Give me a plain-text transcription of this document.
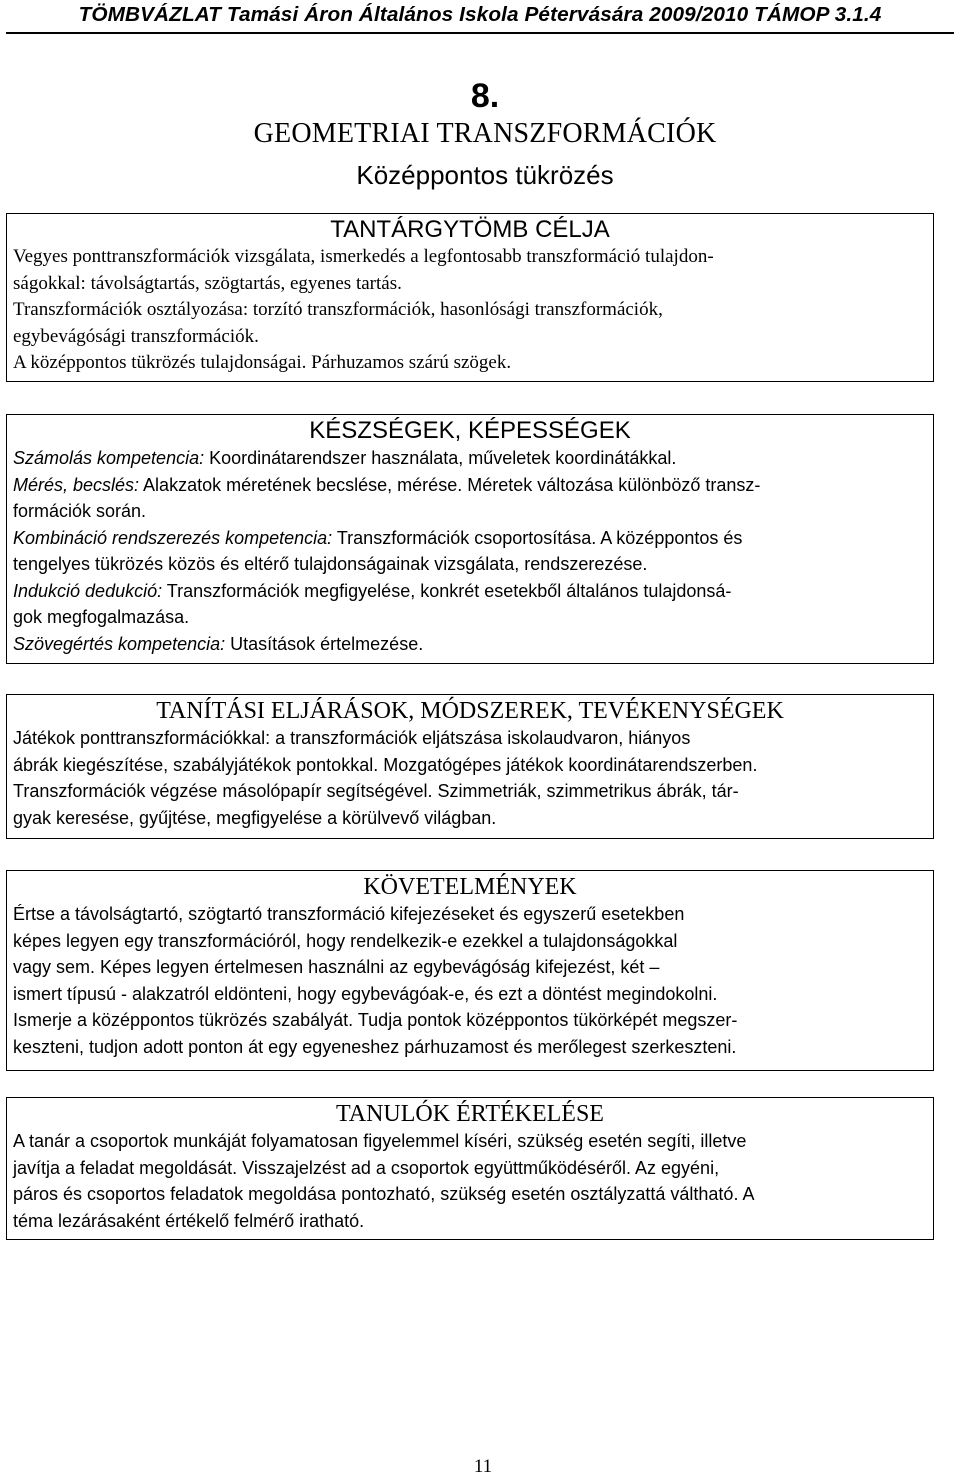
TÖMBVÁZLAT Tamási Áron Általános Iskola Pétervására 2009/2010 TÁMOP 3.1.4
8.
GEOMETRIAI TRANSZFORMÁCIÓK
Középpontos tükrözés
TANTÁRGYTÖMB CÉLJA
Vegyes ponttranszformációk vizsgálata, ismerkedés a legfontosabb transzformáció tulajdon-
ságokkal: távolságtartás, szögtartás, egyenes tartás.
Transzformációk osztályozása: torzító transzformációk, hasonlósági transzformációk,
egybevágósági transzformációk.
A középpontos tükrözés tulajdonságai. Párhuzamos szárú szögek.
KÉSZSÉGEK, KÉPESSÉGEK
Számolás kompetencia: Koordinátarendszer használata, műveletek koordinátákkal.
Mérés, becslés: Alakzatok méretének becslése, mérése. Méretek változása különböző transz-
formációk során.
Kombináció rendszerezés kompetencia: Transzformációk csoportosítása. A középpontos és
tengelyes tükrözés közös és eltérő tulajdonságainak vizsgálata, rendszerezése.
Indukció dedukció: Transzformációk megfigyelése, konkrét esetekből általános tulajdonsá-
gok megfogalmazása.
Szövegértés kompetencia: Utasítások értelmezése.
TANÍTÁSI ELJÁRÁSOK, MÓDSZEREK, TEVÉKENYSÉGEK
Játékok ponttranszformációkkal: a transzformációk eljátszása iskolaudvaron, hiányos
ábrák kiegészítése, szabályjátékok pontokkal. Mozgatógépes játékok koordinátarendszerben.
Transzformációk végzése másolópapír segítségével. Szimmetriák, szimmetrikus ábrák, tár-
gyak keresése, gyűjtése, megfigyelése a körülvevő világban.
KÖVETELMÉNYEK
Értse a távolságtartó, szögtartó transzformáció kifejezéseket és egyszerű esetekben
képes legyen egy transzformációról, hogy rendelkezik-e ezekkel a tulajdonságokkal
vagy sem. Képes legyen értelmesen használni az egybevágóság kifejezést, két –
ismert típusú - alakzatról eldönteni, hogy egybevágóak-e, és ezt a döntést megindokolni.
Ismerje a középpontos tükrözés szabályát. Tudja pontok középpontos tükörképét megszer-
keszteni, tudjon adott ponton át egy egyeneshez párhuzamost és merőlegest szerkeszteni.
TANULÓK ÉRTÉKELÉSE
A tanár a csoportok munkáját folyamatosan figyelemmel kíséri, szükség esetén segíti, illetve
javítja a feladat megoldását. Visszajelzést ad a csoportok együttműködéséről. Az egyéni,
páros és csoportos feladatok megoldása pontozható, szükség esetén osztályzattá váltható. A
téma lezárásaként értékelő felmérő iratható.
11
